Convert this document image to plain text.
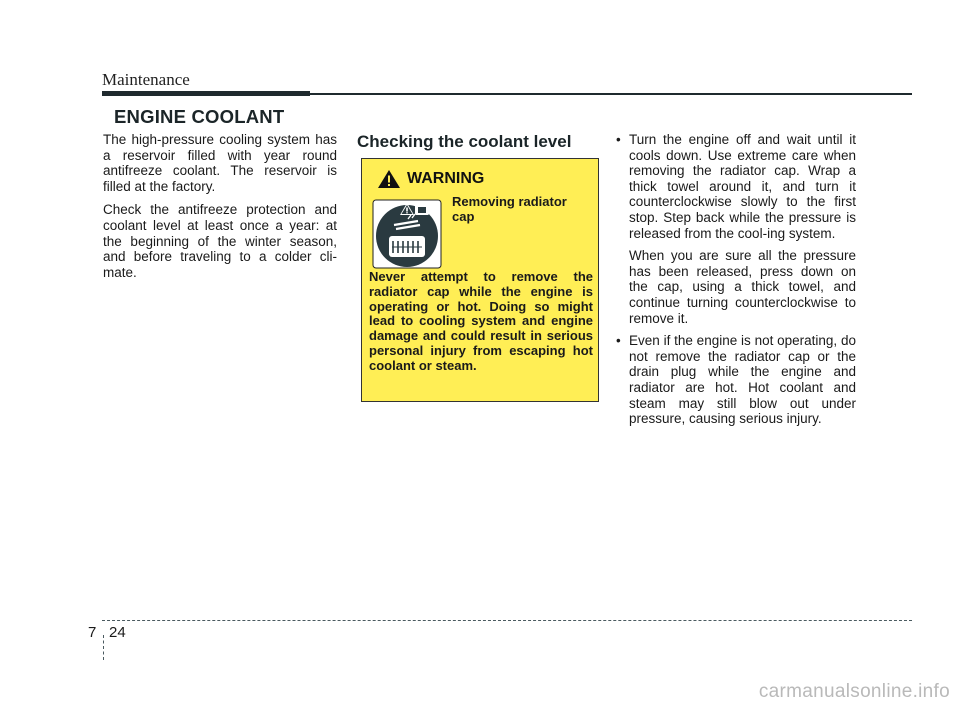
Maintenance
ENGINE COOLANT

The high-pressure cooling system has a reservoir filled with year round antifreeze coolant. The reservoir is filled at the factory.

Check the antifreeze protection and coolant level at least once a year: at the beginning of the winter season, and before traveling to a colder cli-mate.

Checking the coolant level
WARNING
Removing radiator cap
Never attempt to remove the radiator cap while the engine is operating or hot. Doing so might lead to cooling system and engine damage and could result in serious personal injury from escaping hot coolant or steam.

• Turn the engine off and wait until it cools down. Use extreme care when removing the radiator cap. Wrap a thick towel around it, and turn it counterclockwise slowly to the first stop. Step back while the pressure is released from the cool-ing system.

When you are sure all the pressure has been released, press down on the cap, using a thick towel, and continue turning counterclockwise to remove it.

• Even if the engine is not operating, do not remove the radiator cap or the drain plug while the engine and radiator are hot. Hot coolant and steam may still blow out under pressure, causing serious injury.

7 24
carmanualsonline.info
